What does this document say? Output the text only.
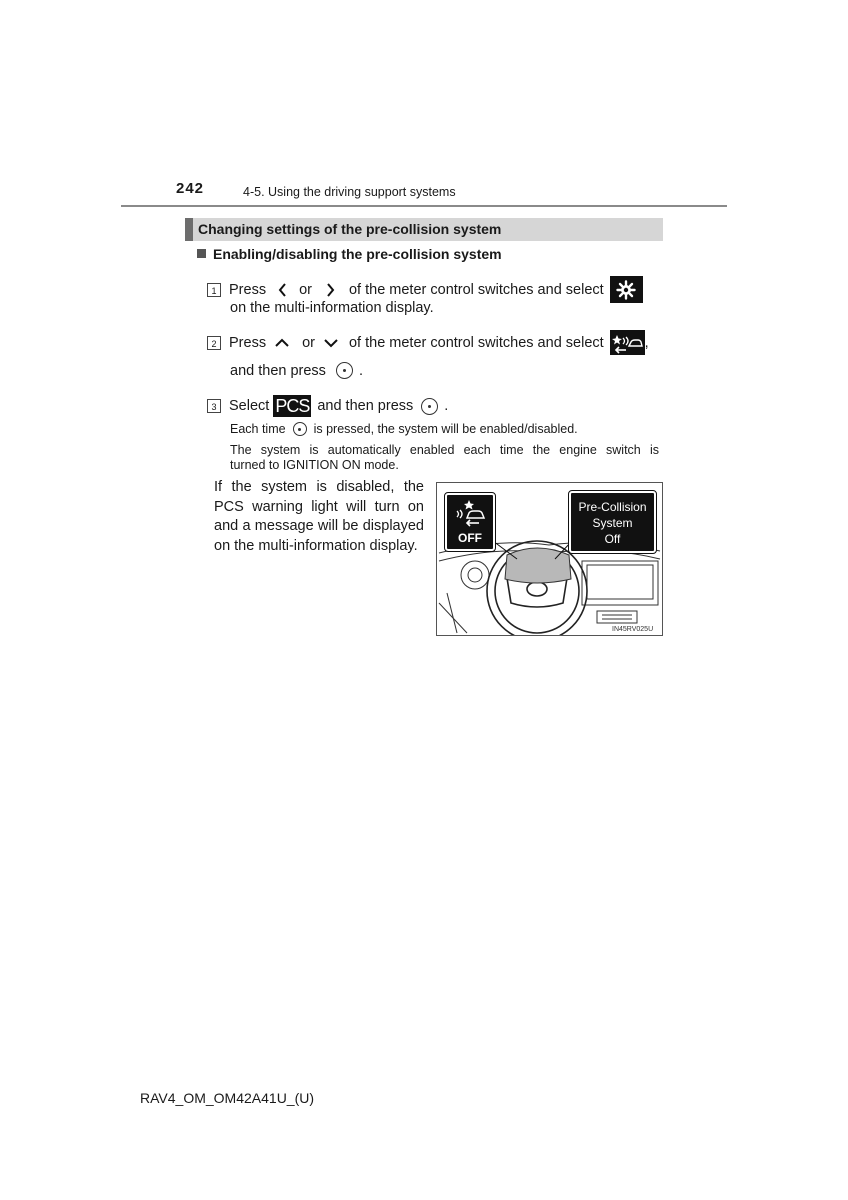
242	4-5. Using the driving support systems
Changing settings of the pre-collision system
Enabling/disabling the pre-collision system
1 Press or	of the meter control switches and select
on the multi-information display.
2 Press or of the meter control switches and select	,
and then press .
3 Select PCS and then press .
Each time is pressed, the system will be enabled/disabled.
The system is automatically enabled each time the engine switch is
turned to IGNITION ON mode.
If the system is disabled, the PCS warning light will turn on and a message will be displayed on the multi-information display.
IN45RV025U
OFF
Pre-Collision
System
Off
RAV4_OM_OM42A41U_(U)
